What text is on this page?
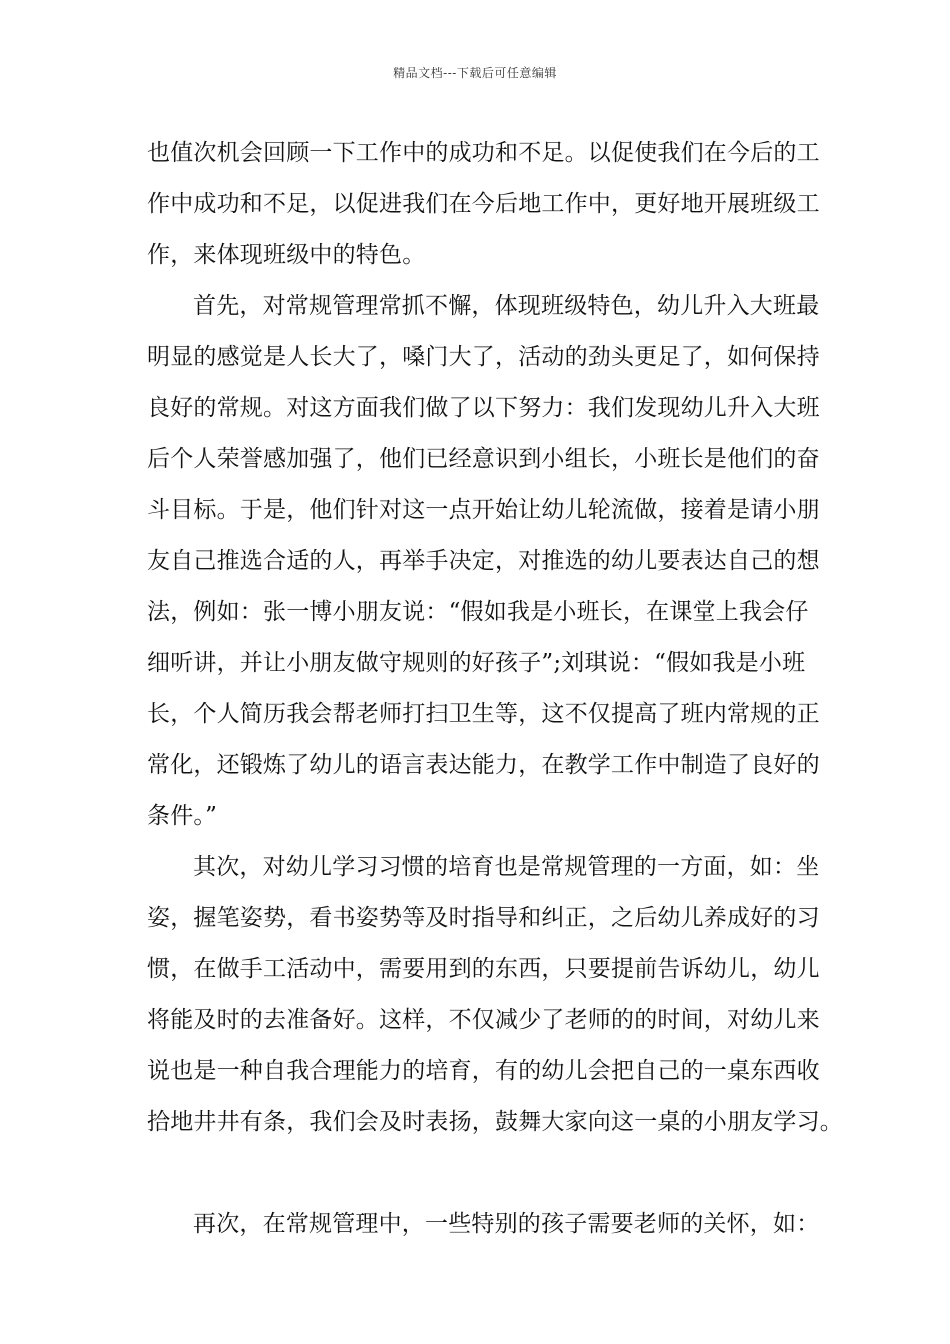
精品文档---下载后可任意编辑
也值次机会回顾一下工作中的成功和不足。以促使我们在今后的工
作中成功和不足，以促进我们在今后地工作中，更好地开展班级工
作，来体现班级中的特色。
首先，对常规管理常抓不懈，体现班级特色，幼儿升入大班最
明显的感觉是人长大了，嗓门大了，活动的劲头更足了，如何保持
良好的常规。对这方面我们做了以下努力：我们发现幼儿升入大班
后个人荣誉感加强了，他们已经意识到小组长，小班长是他们的奋
斗目标。于是，他们针对这一点开始让幼儿轮流做，接着是请小朋
友自己推选合适的人，再举手决定，对推选的幼儿要表达自己的想
法，例如：张一博小朋友说：“假如我是小班长，在课堂上我会仔
细听讲，并让小朋友做守规则的好孩子”;刘琪说：“假如我是小班
长，个人简历我会帮老师打扫卫生等，这不仅提高了班内常规的正
常化，还锻炼了幼儿的语言表达能力，在教学工作中制造了良好的
条件。”
其次，对幼儿学习习惯的培育也是常规管理的一方面，如：坐
姿，握笔姿势，看书姿势等及时指导和纠正，之后幼儿养成好的习
惯，在做手工活动中，需要用到的东西，只要提前告诉幼儿，幼儿
将能及时的去准备好。这样，不仅减少了老师的的时间，对幼儿来
说也是一种自我合理能力的培育，有的幼儿会把自己的一桌东西收
拾地井井有条，我们会及时表扬，鼓舞大家向这一桌的小朋友学习。
再次，在常规管理中，一些特别的孩子需要老师的关怀，如：
